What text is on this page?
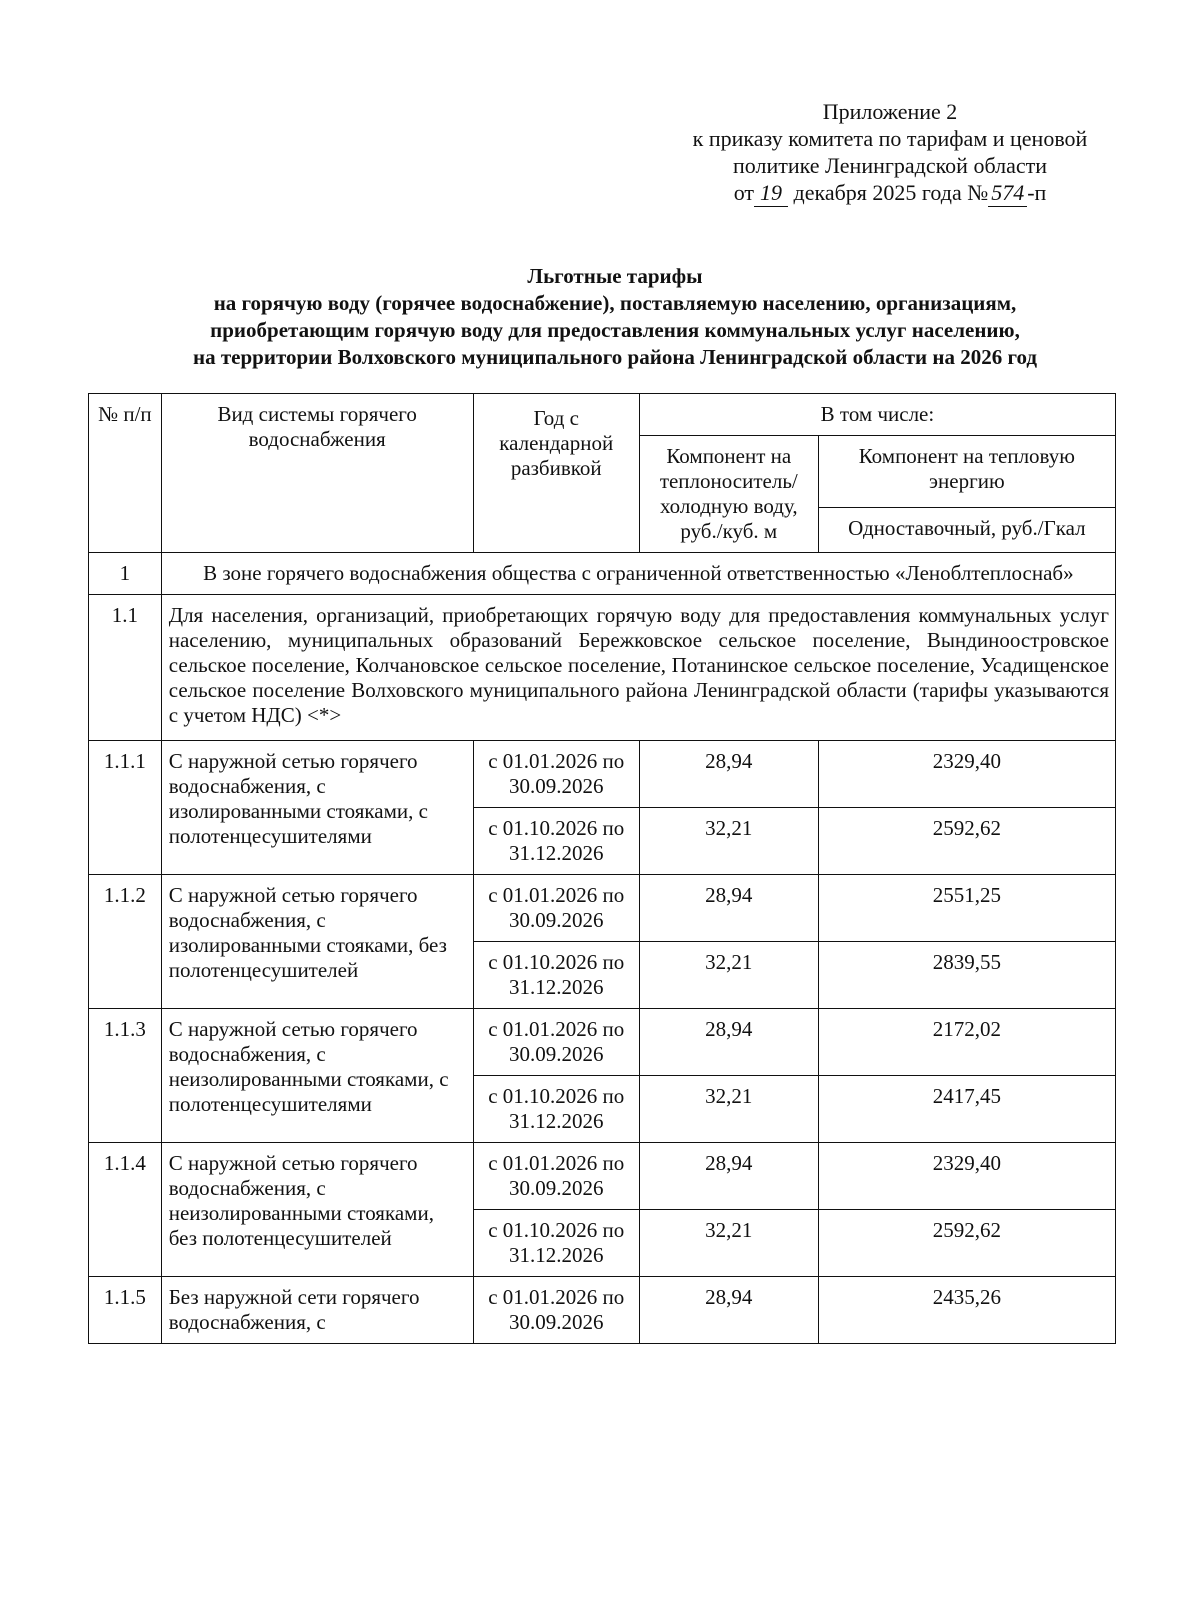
Приложение 2
к приказу комитета по тарифам и ценовой
политике Ленинградской области
от 19 декабря 2025 года № 574 -п
Льготные тарифы
на горячую воду (горячее водоснабжение), поставляемую населению, организациям,
приобретающим горячую воду для предоставления коммунальных услуг населению,
на территории Волховского муниципального района Ленинградской области на 2026 год
№ п/п	Вид системы горячего водоснабжения	Год с календарной разбивкой	В том числе:	
			Компонент на теплоноситель/ холодную воду, руб./куб. м	Компонент на тепловую энергию
				Одноставочный, руб./Гкал
1	В зоне горячего водоснабжения общества с ограниченной ответственностью «Леноблтеплоснаб»			
1.1	Для населения, организаций, приобретающих горячую воду для предоставления коммунальных услуг населению, муниципальных образований Бережковское сельское поселение, Вындиноостровское сельское поселение, Колчановское сельское поселение, Потанинское сельское поселение, Усадищенское сельское поселение Волховского муниципального района Ленинградской области (тарифы указываются с учетом НДС) <*>			
1.1.1	С наружной сетью горячего водоснабжения, с изолированными стояками, с полотенцесушителями	с 01.01.2026 по 30.09.2026	28,94	2329,40
		с 01.10.2026 по 31.12.2026	32,21	2592,62
1.1.2	С наружной сетью горячего водоснабжения, с изолированными стояками, без полотенцесушителей	с 01.01.2026 по 30.09.2026	28,94	2551,25
		с 01.10.2026 по 31.12.2026	32,21	2839,55
1.1.3	С наружной сетью горячего водоснабжения, с неизолированными стояками, с полотенцесушителями	с 01.01.2026 по 30.09.2026	28,94	2172,02
		с 01.10.2026 по 31.12.2026	32,21	2417,45
1.1.4	С наружной сетью горячего водоснабжения, с неизолированными стояками, без полотенцесушителей	с 01.01.2026 по 30.09.2026	28,94	2329,40
		с 01.10.2026 по 31.12.2026	32,21	2592,62
1.1.5	Без наружной сети горячего водоснабжения, с	с 01.01.2026 по 30.09.2026	28,94	2435,26
